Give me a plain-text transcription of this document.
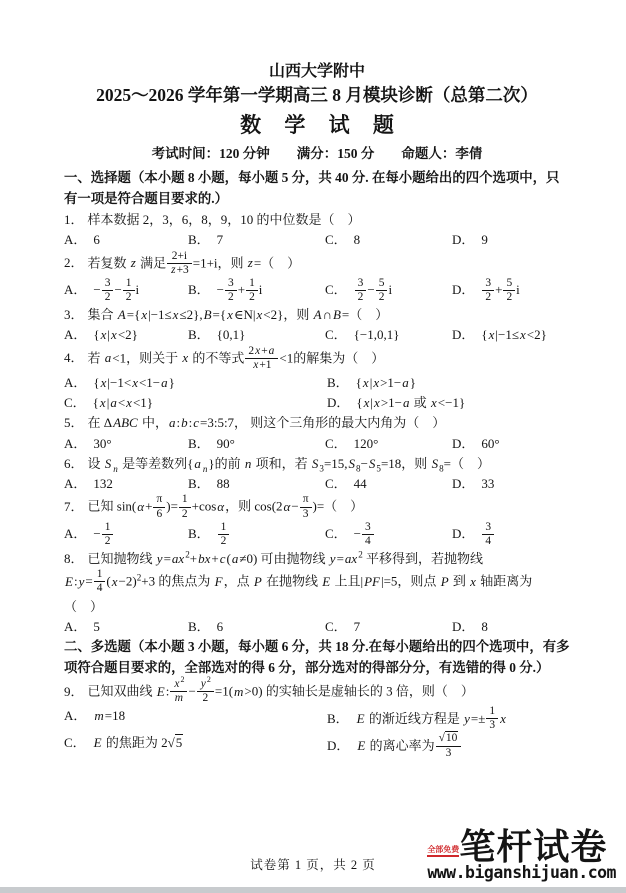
山西大学附中
2025～2026 学年第一学期高三 8 月模块诊断（总第二次）
数 学 试 题
考试时间：120 分钟　　满分：150 分　　命题人：李倩
一、选择题（本小题 8 小题，每小题 5 分，共 40 分. 在每小题给出的四个选项中，只有一项是符合题目要求的.）
1． 样本数据 2，3，6，8，9，10 的中位数是（　）
A． 6	B． 7	C． 8	D． 9
2． 若复数 z 满足 $\frac{2+i}{z+3} =1+i$，则 z=（　）
A． − $\frac{3}{2} - \frac{1}{2}$ i	B． − $\frac{3}{2} + \frac{1}{2}$ i	C． $\frac{3}{2} - \frac{5}{2}$ i	D． $\frac{3}{2} + \frac{5}{2}$ i
3． 集合 A={x|−1≤x≤2},B={x∈N|x<2}，则 A∩B=（　）
A． {x|x<2}	B． {0,1}	C． {−1,0,1}	D． {x|−1≤x<2}
4． 若 a<1，则关于 x 的不等式 $\frac{2x+a}{x+1} <1$的解集为（　）
A． {x|−1<x<1−a}	B． {x|x>1−a}
C． {x|a<x<1}	D． {x|x>1−a 或 x<−1}
5． 在 ΔABC 中，a:b:c=3:5:7， 则这个三角形的最大内角为（　）
A． 30°	B． 90°	C． 120°	D． 60°
6． 设 S $_n$ 是等差数列{a $_n$}的前 n 项和，若 $S_3=15,S_8-S_5=18$，则 $S_8=$（　）
A． 132	B． 88	C． 44	D． 33
7． 已知 $\sin(\alpha+ \frac{\pi}{6}$ )= $\frac{1}{2} +\cos\alpha$，则 $\cos(2\alpha- \frac{\pi}{3}$ )=（　）
A． − $\frac{1}{2}$	B． $\frac{1}{2}$	C． − $\frac{3}{4}$	D． $\frac{3}{4}$
8． 已知抛物线 $y=ax^2+bx+c(a\ne 0)$ 可由抛物线 $y=ax^2$ 平移得到，若抛物线
E:y= $\frac{1}{4} (x-2)^2+3$ 的焦点为 F，点 P 在抛物线 E 上且|PF|=5，则点 P 到 x 轴距离为
（　）
A． 5	B． 6	C． 7	D． 8
二、多选题（本小题 3 小题，每小题 6 分，共 18 分.在每小题给出的四个选项中，有多项符合题目要求的，全部选对的得 6 分，部分选对的得部分分，有选错的得 0 分.）
9． 已知双曲线 E: $\frac{x^2}{m} - \frac{y^2}{2} =1(m>0)$ 的实轴长是虚轴长的 3 倍，则（　）
A． m=18	B． E 的渐近线方程是 $y=\pm \frac{1}{3}$ x
C． E 的焦距为 2√5	D． E 的离心率为 $\frac{√10}{3}$
试卷第 1 页，共 2 页
全部免费 笔杆试卷
www.biganshijuan.com
